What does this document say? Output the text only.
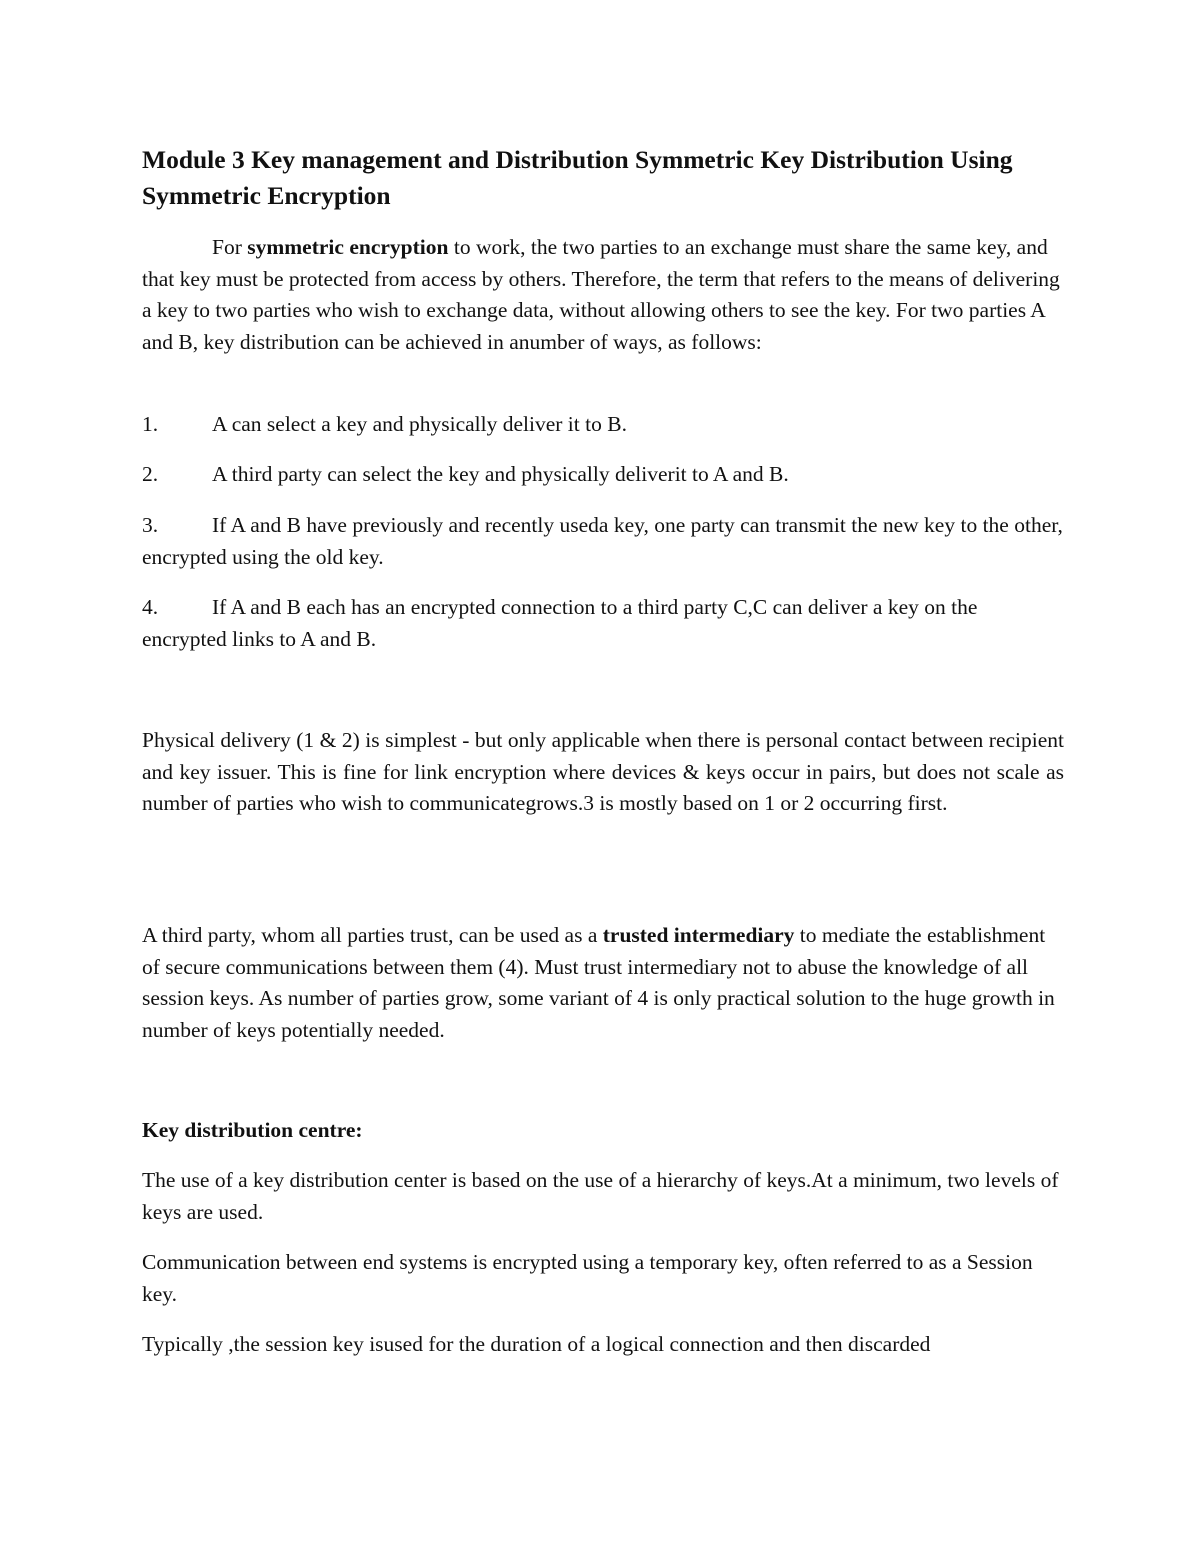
Module 3 Key management and Distribution Symmetric Key Distribution Using Symmetric Encryption

For symmetric encryption to work, the two parties to an exchange must share the same key, and that key must be protected from access by others. Therefore, the term that refers to the means of delivering a key to two parties who wish to exchange data, without allowing others to see the key. For two parties A and B, key distribution can be achieved in anumber of ways, as follows:

1.	A can select a key and physically deliver it to B.

2.	A third party can select the key and physically deliverit to A and B.

3.	If A and B have previously and recently useda key, one party can transmit the new key to the other, encrypted using the old key.

4.	If A and B each has an encrypted connection to a third party C,C can deliver a key on the encrypted links to A and B.

Physical delivery (1 & 2) is simplest - but only applicable when there is personal contact between recipient and key issuer. This is fine for link encryption where devices & keys occur in pairs, but does not scale as number of parties who wish to communicategrows.3 is mostly based on 1 or 2 occurring first.

A third party, whom all parties trust, can be used as a trusted intermediary to mediate the establishment of secure communications between them (4). Must trust intermediary not to abuse the knowledge of all session keys. As number of parties grow, some variant of 4 is only practical solution to the huge growth in number of keys potentially needed.

Key distribution centre:

The use of a key distribution center is based on the use of a hierarchy of keys.At a minimum, two levels of keys are used.

Communication between end systems is encrypted using a temporary key, often referred to as a Session key.

Typically ,the session key isused for the duration of a logical connection and then discarded
